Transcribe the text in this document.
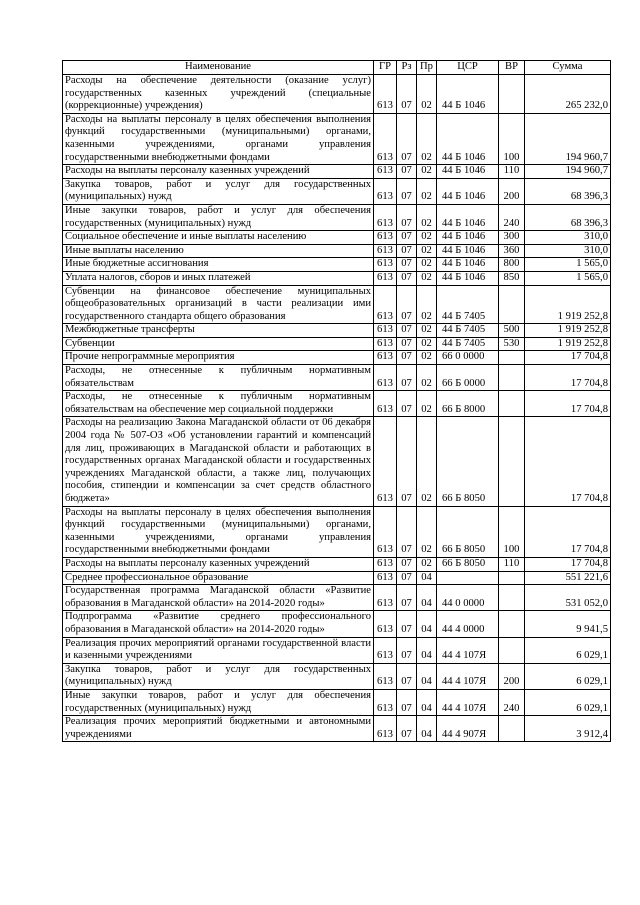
Наименование	ГР	Рз	Пр	ЦСР	ВР	Сумма
Расходы на обеспечение деятельности (оказание услуг) государственных казенных учреждений (специальные (коррекционные) учреждения)	613	07	02	44 Б 1046		265 232,0
Расходы на выплаты персоналу в целях обеспечения выполнения функций государственными (муниципальными) органами, казенными учреждениями, органами управления государственными внебюджетными фондами	613	07	02	44 Б 1046	100	194 960,7
Расходы на выплаты персоналу казенных учреждений	613	07	02	44 Б 1046	110	194 960,7
Закупка товаров, работ и услуг для государственных (муниципальных) нужд	613	07	02	44 Б 1046	200	68 396,3
Иные закупки товаров, работ и услуг для обеспечения государственных (муниципальных) нужд	613	07	02	44 Б 1046	240	68 396,3
Социальное обеспечение и иные выплаты населению	613	07	02	44 Б 1046	300	310,0
Иные выплаты населению	613	07	02	44 Б 1046	360	310,0
Иные бюджетные ассигнования	613	07	02	44 Б 1046	800	1 565,0
Уплата налогов, сборов и иных платежей	613	07	02	44 Б 1046	850	1 565,0
Субвенции на финансовое обеспечение муниципальных общеобразовательных организаций в части реализации ими государственного стандарта общего образования	613	07	02	44 Б 7405		1 919 252,8
Межбюджетные трансферты	613	07	02	44 Б 7405	500	1 919 252,8
Субвенции	613	07	02	44 Б 7405	530	1 919 252,8
Прочие непрограммные мероприятия	613	07	02	66 0 0000		17 704,8
Расходы, не отнесенные к публичным нормативным обязательствам	613	07	02	66 Б 0000		17 704,8
Расходы, не отнесенные к публичным нормативным обязательствам на обеспечение мер социальной поддержки	613	07	02	66 Б 8000		17 704,8
Расходы на реализацию Закона Магаданской области от 06 декабря 2004 года № 507-ОЗ «Об установлении гарантий и компенсаций для лиц, проживающих в Магаданской области и работающих в государственных органах Магаданской области и государственных учреждениях Магаданской области, а также лиц, получающих пособия, стипендии и компенсации за счет средств областного бюджета»	613	07	02	66 Б 8050		17 704,8
Расходы на выплаты персоналу в целях обеспечения выполнения функций государственными (муниципальными) органами, казенными учреждениями, органами управления государственными внебюджетными фондами	613	07	02	66 Б 8050	100	17 704,8
Расходы на выплаты персоналу казенных учреждений	613	07	02	66 Б 8050	110	17 704,8
Среднее профессиональное образование	613	07	04			551 221,6
Государственная программа Магаданской области «Развитие образования в Магаданской области» на 2014-2020 годы»	613	07	04	44 0 0000		531 052,0
Подпрограмма «Развитие среднего профессионального образования в Магаданской области» на 2014-2020 годы»	613	07	04	44 4 0000		9 941,5
Реализация прочих мероприятий органами государственной власти и казенными учреждениями	613	07	04	44 4 107Я		6 029,1
Закупка товаров, работ и услуг для государственных (муниципальных) нужд	613	07	04	44 4 107Я	200	6 029,1
Иные закупки товаров, работ и услуг для обеспечения государственных (муниципальных) нужд	613	07	04	44 4 107Я	240	6 029,1
Реализация прочих мероприятий бюджетными и автономными учреждениями	613	07	04	44 4 907Я		3 912,4
